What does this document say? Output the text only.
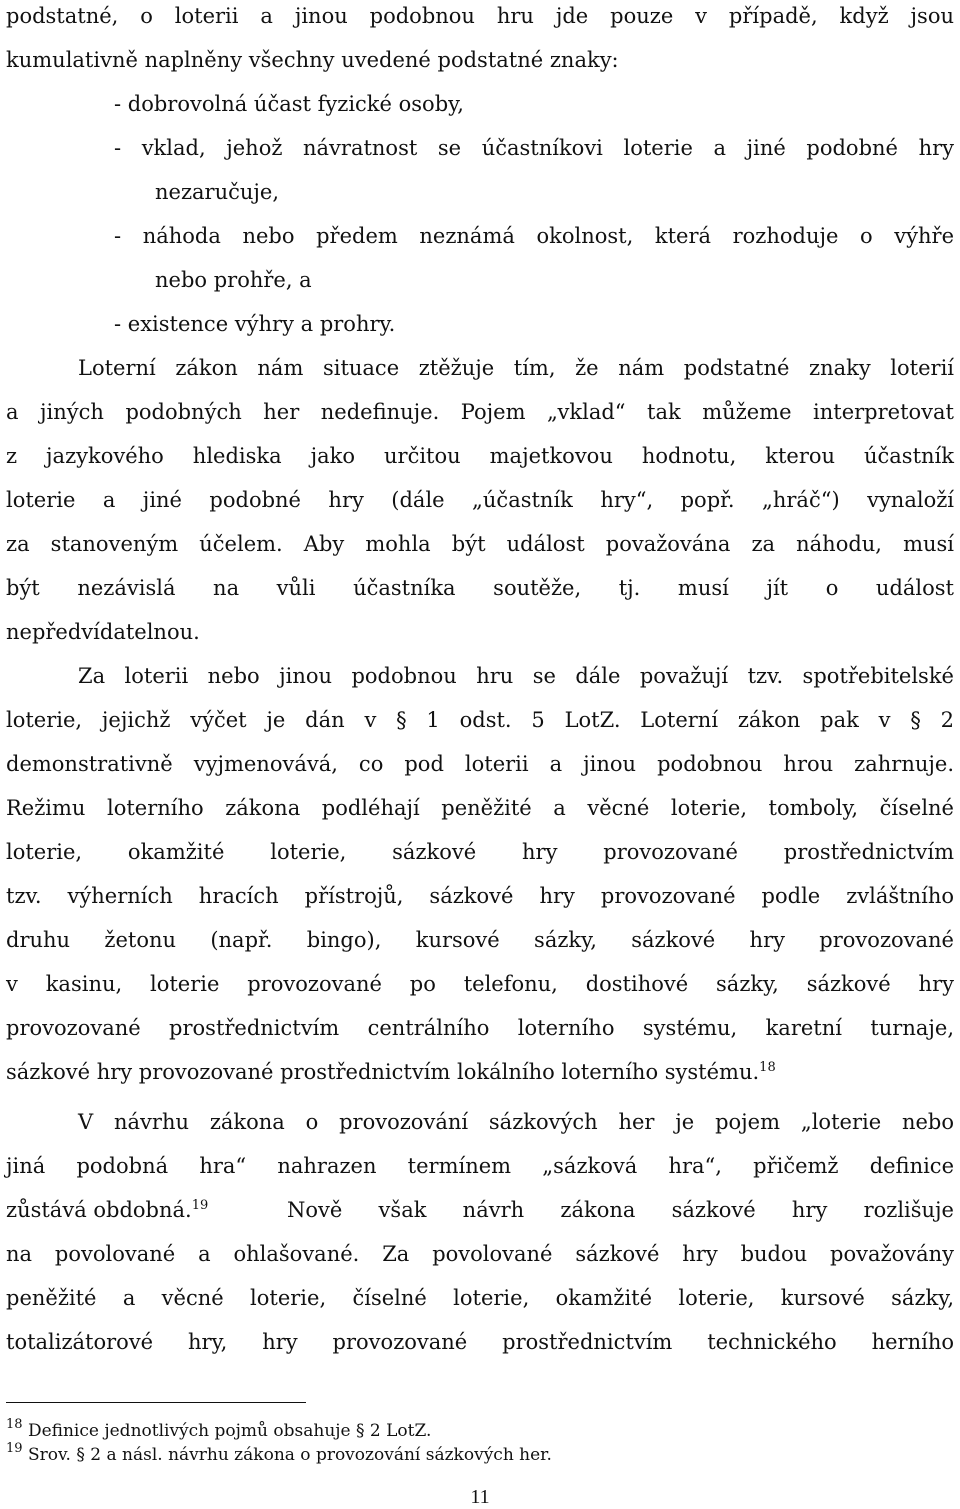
podstatné, o loterii a jinou podobnou hru jde pouze v případě, když jsou
kumulativně naplněny všechny uvedené podstatné znaky:
- dobrovolná účast fyzické osoby,
- vklad, jehož návratnost se účastníkovi loterie a jiné podobné hry
nezaručuje,
- náhoda nebo předem neznámá okolnost, která rozhoduje o výhře
nebo prohře, a
- existence výhry a prohry.
Loterní zákon nám situace ztěžuje tím, že nám podstatné znaky loterií
a jiných podobných her nedefinuje. Pojem „vklad“ tak můžeme interpretovat
z jazykového hlediska jako určitou majetkovou hodnotu, kterou účastník
loterie a jiné podobné hry (dále „účastník hry“, popř. „hráč“) vynaloží
za stanoveným účelem. Aby mohla být událost považována za náhodu, musí
být nezávislá na vůli účastníka soutěže, tj. musí jít o událost
nepředvídatelnou.
Za loterii nebo jinou podobnou hru se dále považují tzv. spotřebitelské
loterie, jejichž výčet je dán v § 1 odst. 5 LotZ. Loterní zákon pak v § 2
demonstrativně vyjmenovává, co pod loterii a jinou podobnou hrou zahrnuje.
Režimu loterního zákona podléhají peněžité a věcné loterie, tomboly, číselné
loterie, okamžité loterie, sázkové hry provozované prostřednictvím
tzv. výherních hracích přístrojů, sázkové hry provozované podle zvláštního
druhu žetonu (např. bingo), kursové sázky, sázkové hry provozované
v kasinu, loterie provozované po telefonu, dostihové sázky, sázkové hry
provozované prostřednictvím centrálního loterního systému, karetní turnaje,
sázkové hry provozované prostřednictvím lokálního loterního systému.$^{18}$
V návrhu zákona o provozování sázkových her je pojem „loterie nebo
jiná podobná hra“ nahrazen termínem „sázková hra“, přičemž definice
zůstává obdobná.$^{19}$	Nově však návrh zákona sázkové hry rozlišuje
na povolované a ohlašované. Za povolované sázkové hry budou považovány
peněžité a věcné loterie, číselné loterie, okamžité loterie, kursové sázky,
totalizátorové hry, hry provozované prostřednictvím technického herního
$^{18}$ Definice jednotlivých pojmů obsahuje § 2 LotZ.
$^{19}$ Srov. § 2 a násl. návrhu zákona o provozování sázkových her.
11
